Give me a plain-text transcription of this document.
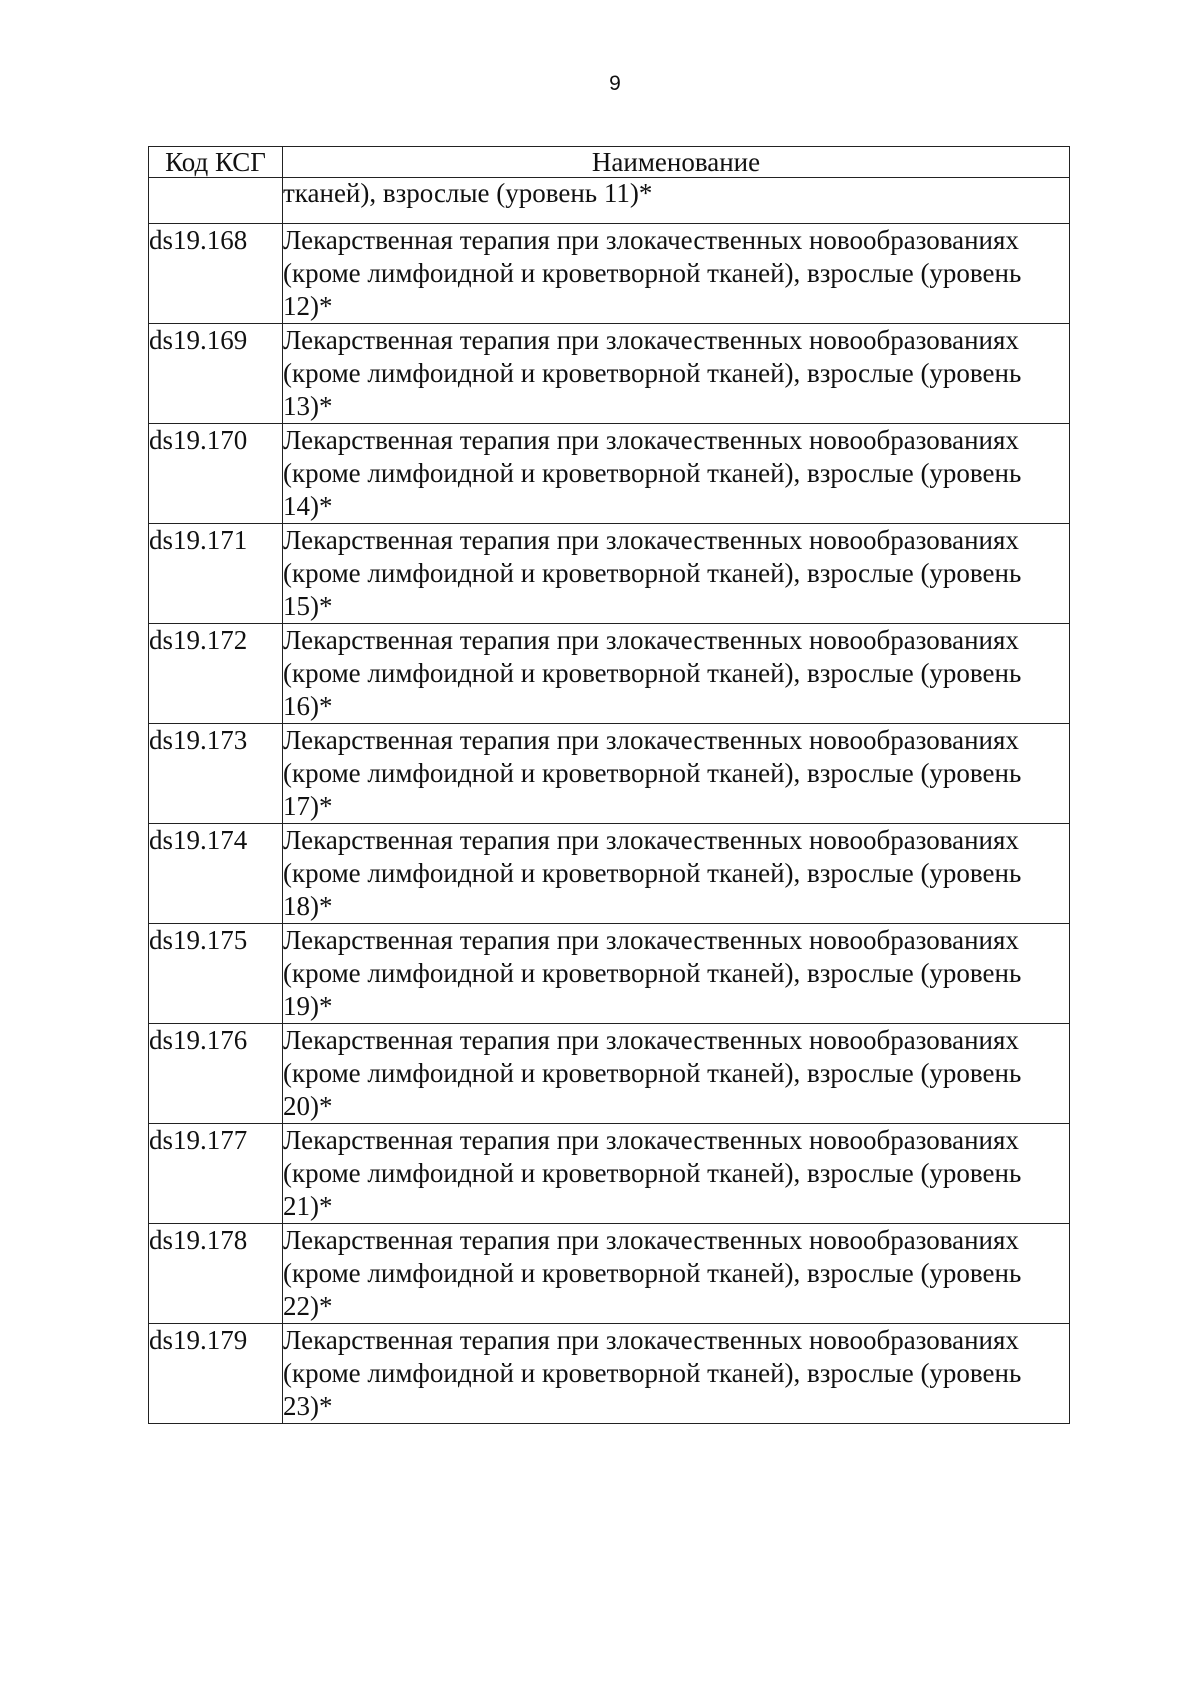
9
Код КСГ	Наименование
	тканей), взрослые (уровень 11)*
ds19.168	Лекарственная терапия при злокачественных новообразованиях (кроме лимфоидной и кроветворной тканей), взрослые (уровень 12)*
ds19.169	Лекарственная терапия при злокачественных новообразованиях (кроме лимфоидной и кроветворной тканей), взрослые (уровень 13)*
ds19.170	Лекарственная терапия при злокачественных новообразованиях (кроме лимфоидной и кроветворной тканей), взрослые (уровень 14)*
ds19.171	Лекарственная терапия при злокачественных новообразованиях (кроме лимфоидной и кроветворной тканей), взрослые (уровень 15)*
ds19.172	Лекарственная терапия при злокачественных новообразованиях (кроме лимфоидной и кроветворной тканей), взрослые (уровень 16)*
ds19.173	Лекарственная терапия при злокачественных новообразованиях (кроме лимфоидной и кроветворной тканей), взрослые (уровень 17)*
ds19.174	Лекарственная терапия при злокачественных новообразованиях (кроме лимфоидной и кроветворной тканей), взрослые (уровень 18)*
ds19.175	Лекарственная терапия при злокачественных новообразованиях (кроме лимфоидной и кроветворной тканей), взрослые (уровень 19)*
ds19.176	Лекарственная терапия при злокачественных новообразованиях (кроме лимфоидной и кроветворной тканей), взрослые (уровень 20)*
ds19.177	Лекарственная терапия при злокачественных новообразованиях (кроме лимфоидной и кроветворной тканей), взрослые (уровень 21)*
ds19.178	Лекарственная терапия при злокачественных новообразованиях (кроме лимфоидной и кроветворной тканей), взрослые (уровень 22)*
ds19.179	Лекарственная терапия при злокачественных новообразованиях (кроме лимфоидной и кроветворной тканей), взрослые (уровень 23)*
